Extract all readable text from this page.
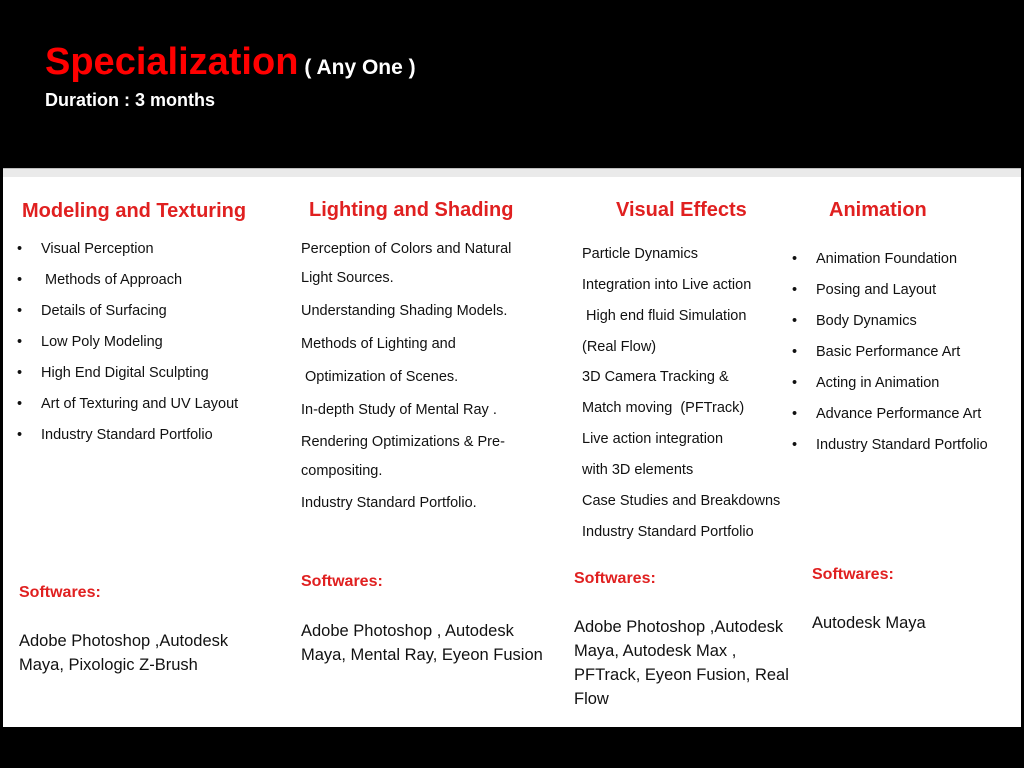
Specialization ( Any One )
Duration : 3 months
Modeling and Texturing
• Visual Perception
•  Methods of Approach
• Details of Surfacing
• Low Poly Modeling
• High End Digital Sculpting
• Art of Texturing and UV Layout
• Industry Standard Portfolio
Softwares:
Adobe Photoshop ,Autodesk Maya, Pixologic Z-Brush
Lighting and Shading
Perception of Colors and Natural
Light Sources.
Understanding Shading Models.
Methods of Lighting and
Optimization of Scenes.
In-depth Study of Mental Ray .
Rendering Optimizations & Pre-
compositing.
Industry Standard Portfolio.
Softwares:
Adobe Photoshop , Autodesk Maya, Mental Ray, Eyeon Fusion
Visual Effects
Particle Dynamics
Integration into Live action
High end fluid Simulation
(Real Flow)
3D Camera Tracking &
Match moving  (PFTrack)
Live action integration
with 3D elements
Case Studies and Breakdowns
Industry Standard Portfolio
Softwares:
Adobe Photoshop ,Autodesk Maya, Autodesk Max , PFTrack, Eyeon Fusion, Real Flow
Animation
• Animation Foundation
• Posing and Layout
• Body Dynamics
• Basic Performance Art
• Acting in Animation
• Advance Performance Art
• Industry Standard Portfolio
Softwares:
Autodesk Maya
